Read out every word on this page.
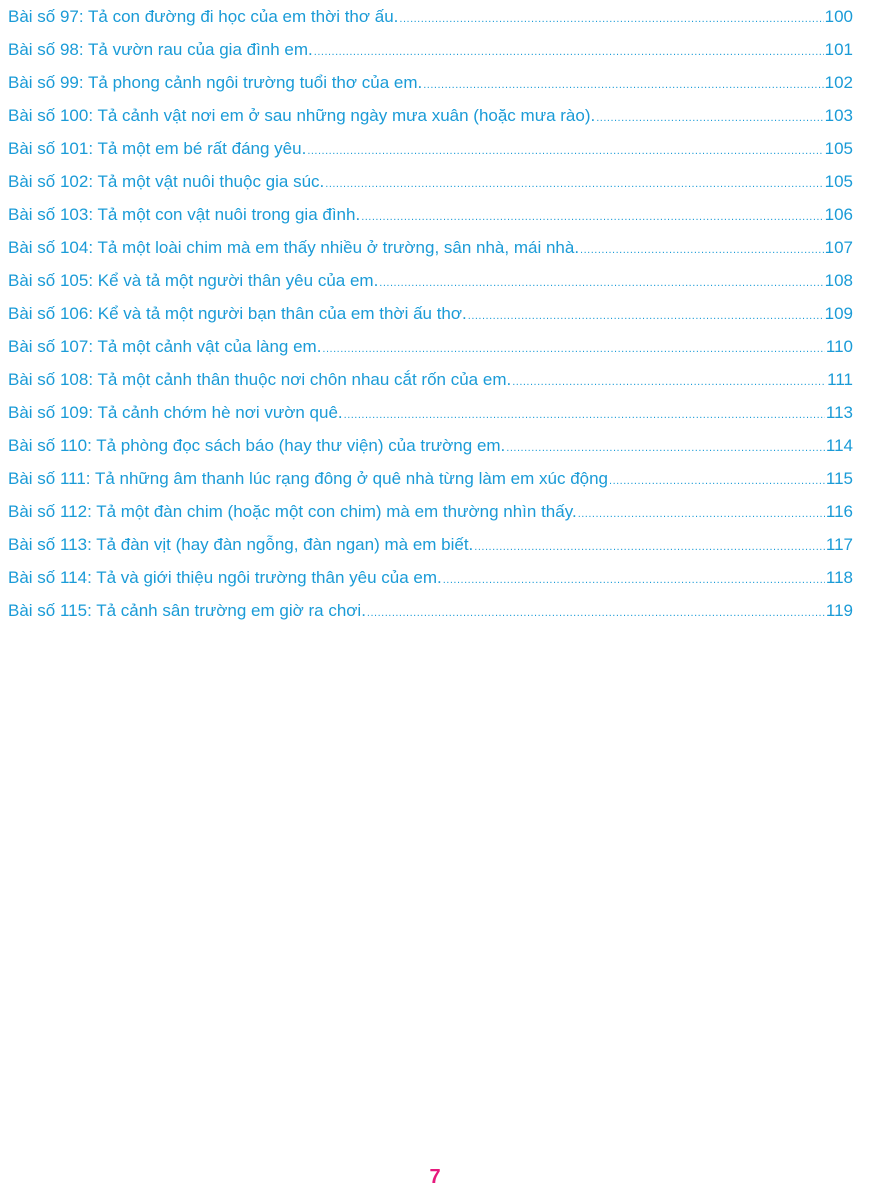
Bài số 97: Tả con đường đi học của em thời thơ ấu. .....	100
Bài số 98: Tả vườn rau của gia đình em. .....	101
Bài số 99: Tả phong cảnh ngôi trường tuổi thơ của em. .....	102
Bài số 100: Tả cảnh vật nơi em ở sau những ngày mưa xuân (hoặc mưa rào). .....	103
Bài số 101: Tả một em bé rất đáng yêu. .....	105
Bài số 102: Tả một vật nuôi thuộc gia súc. .....	105
Bài số 103: Tả một con vật nuôi trong gia đình. .....	106
Bài số 104: Tả một loài chim mà em thấy nhiều ở trường, sân nhà, mái nhà. .....	107
Bài số 105: Kể và tả một người thân yêu của em. .....	108
Bài số 106: Kể và tả một người bạn thân của em thời ấu thơ. .....	109
Bài số 107: Tả một cảnh vật của làng em. .....	110
Bài số 108: Tả một cảnh thân thuộc nơi chôn nhau cắt rốn của em. .....	111
Bài số 109: Tả cảnh chớm hè nơi vườn quê. .....	113
Bài số 110: Tả phòng đọc sách báo (hay thư viện) của trường em. .....	114
Bài số 111: Tả những âm thanh lúc rạng đông ở quê nhà từng làm em xúc động .....	115
Bài số 112: Tả một đàn chim (hoặc một con chim) mà em thường nhìn thấy. .....	116
Bài số 113: Tả đàn vịt (hay đàn ngỗng, đàn ngan) mà em biết. .....	117
Bài số 114: Tả và giới thiệu ngôi trường thân yêu của em. .....	118
Bài số 115: Tả cảnh sân trường em giờ ra chơi. .....	119
7
